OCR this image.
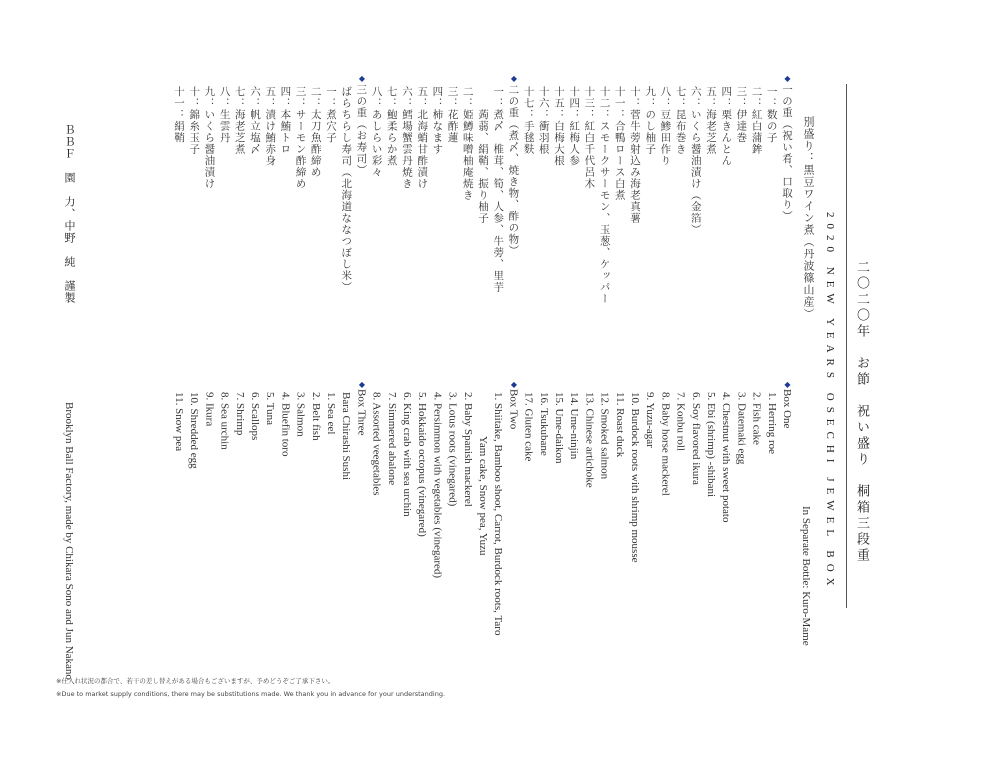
二〇二〇年　お節　祝い盛り　桐箱三段重
2020 NEW YEARS OSECHI JEWEL BOX
別盛り：黒豆ワイン煮（丹波篠山産）
In Separate Bottle: Kuro-Mame
ＢＢＦ　園　力、中野　純　謹製
Brooklyn Ball Factory, made by Chikara Sono and Jun Nakano
※仕入れ状況の都合で、若干の差し替えがある場合もございますが、予めどうぞご了承下さい。
※Due to market supply conditions, there may be substitutions made. We thank you in advance for your understanding.
◆一の重（祝い肴、口取り）
一：数の子
二：紅白蒲鉾
三：伊達巻
四：栗きんとん
五：海老芝煮
六：いくら醤油漬け（金箔）
七：昆布巻き
八：豆鯵田作り
九：のし柚子
十：菅牛蒡射込み海老真薯
十一：合鴨ロース白煮
十二：スモークサーモン、玉葱、ケッパー
十三：紅白千代呂木
十四：紅梅人参
十五：白梅大根
十六：衝羽根
十七：手毬麩
◆二の重（煮〆、焼き物、酢の物）
一：煮〆　椎茸、筍、人参、牛蒡、里芋
　　蒟蒻、絹鞘、振り柚子
二：姫鱒味噌柚庵焼き
三：花酢蓮
四：柿なます
五：北海蛸甘酢漬け
六：鱈場蟹雲丹焼き
七：鮑柔らか煮
八：あしらい彩々
◆三の重（お寿司）
ばらちらし寿司（北海道ななつぼし米）
一：煮穴子
二：太刀魚酢締め
三：サーモン酢締め
四：本鮪トロ
五：漬け鮪赤身
六：帆立塩〆
七：海老芝煮
八：生雲丹
九：いくら醤油漬け
十：錦糸玉子
十一：絹鞘
◆Box One
1. Herring roe
2. Fish cake
3. Datemaki egg
4. Chestnut with sweet potato
5. Ebi (shrimp) -shibani
6. Soy flavored ikura
7. Konbu roll
8. Baby horse mackerel
9. Yuzu-agar
10. Burdock roots with shrimp mousse
11. Roast duck
12. Smoked salmon
13. Chinese artichoke
14. Ume-ninjin
15. Ume-daikon
16. Tsukubane
17. Gluten cake
◆Box Two
1. Shiitake, Bamboo shoot, Carrot, Burdock roots, Taro
Yam cake, Snow pea, Yuzu
2. Baby Spanish mackerel
3. Lotus roots (vinegared)
4. Persimmon with vegetables (vinegared)
5. Hokkaido octopus (vinegared)
6. King crab with sea urchin
7. Simmered abalone
8. Assorted veegetables
◆Box Three
Bara Chirashi Sushi
1. Sea eel
2. Belt fish
3. Salmon
4. Bluefin toro
5. Tuna
6. Scallops
7. Shrimp
8. Sea urchin
9. Ikura
10. Shredded egg
11. Snow pea
